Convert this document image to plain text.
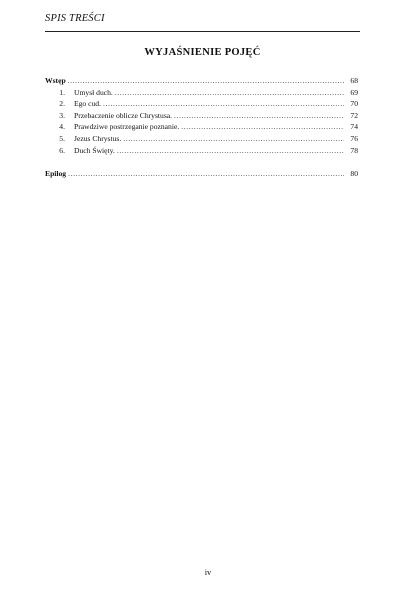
SPIS TREŚCI
WYJAŚNIENIE POJĘĆ
Wstęp .....	68
1. Umysł duch. .....	69
2. Ego cud. .....	70
3. Przebaczenie oblicze Chrystusa. .....	72
4. Prawdziwe postrzeganie poznanie. .....	74
5. Jezus Chrystus. .....	76
6. Duch Święty. .....	78
Epilog .....	80
iv
